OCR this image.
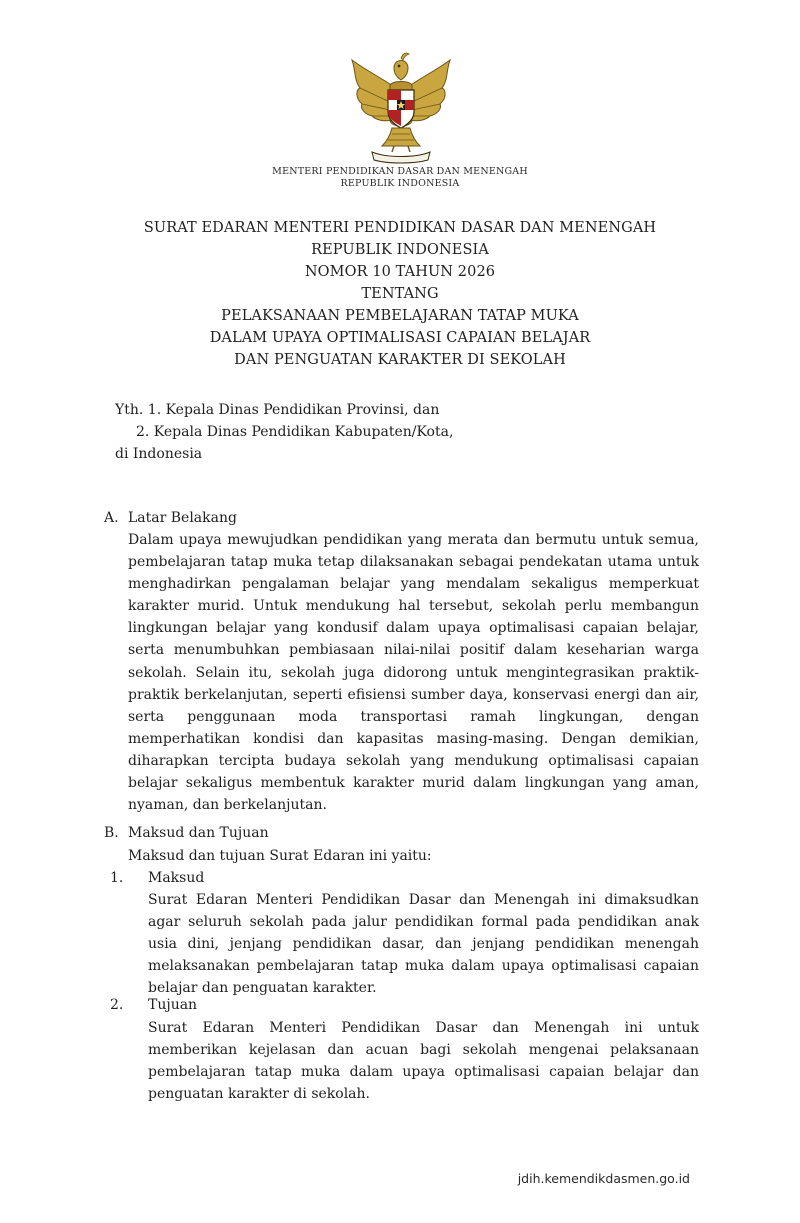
MENTERI PENDIDIKAN DASAR DAN MENENGAH
REPUBLIK INDONESIA
SURAT EDARAN MENTERI PENDIDIKAN DASAR DAN MENENGAH
REPUBLIK INDONESIA
NOMOR 10 TAHUN 2026
TENTANG
PELAKSANAAN PEMBELAJARAN TATAP MUKA
DALAM UPAYA OPTIMALISASI CAPAIAN BELAJAR
DAN PENGUATAN KARAKTER DI SEKOLAH
Yth. 1. Kepala Dinas Pendidikan Provinsi, dan
2. Kepala Dinas Pendidikan Kabupaten/Kota,
di Indonesia
A. Latar Belakang
Dalam upaya mewujudkan pendidikan yang merata dan bermutu untuk semua, pembelajaran tatap muka tetap dilaksanakan sebagai pendekatan utama untuk menghadirkan pengalaman belajar yang mendalam sekaligus memperkuat karakter murid. Untuk mendukung hal tersebut, sekolah perlu membangun lingkungan belajar yang kondusif dalam upaya optimalisasi capaian belajar, serta menumbuhkan pembiasaan nilai-nilai positif dalam keseharian warga sekolah. Selain itu, sekolah juga didorong untuk mengintegrasikan praktik-praktik berkelanjutan, seperti efisiensi sumber daya, konservasi energi dan air, serta penggunaan moda transportasi ramah lingkungan, dengan memperhatikan kondisi dan kapasitas masing-masing. Dengan demikian, diharapkan tercipta budaya sekolah yang mendukung optimalisasi capaian belajar sekaligus membentuk karakter murid dalam lingkungan yang aman, nyaman, dan berkelanjutan.
B. Maksud dan Tujuan
Maksud dan tujuan Surat Edaran ini yaitu:
1. Maksud
Surat Edaran Menteri Pendidikan Dasar dan Menengah ini dimaksudkan agar seluruh sekolah pada jalur pendidikan formal pada pendidikan anak usia dini, jenjang pendidikan dasar, dan jenjang pendidikan menengah melaksanakan pembelajaran tatap muka dalam upaya optimalisasi capaian belajar dan penguatan karakter.
2. Tujuan
Surat Edaran Menteri Pendidikan Dasar dan Menengah ini untuk memberikan kejelasan dan acuan bagi sekolah mengenai pelaksanaan pembelajaran tatap muka dalam upaya optimalisasi capaian belajar dan penguatan karakter di sekolah.
jdih.kemendikdasmen.go.id
